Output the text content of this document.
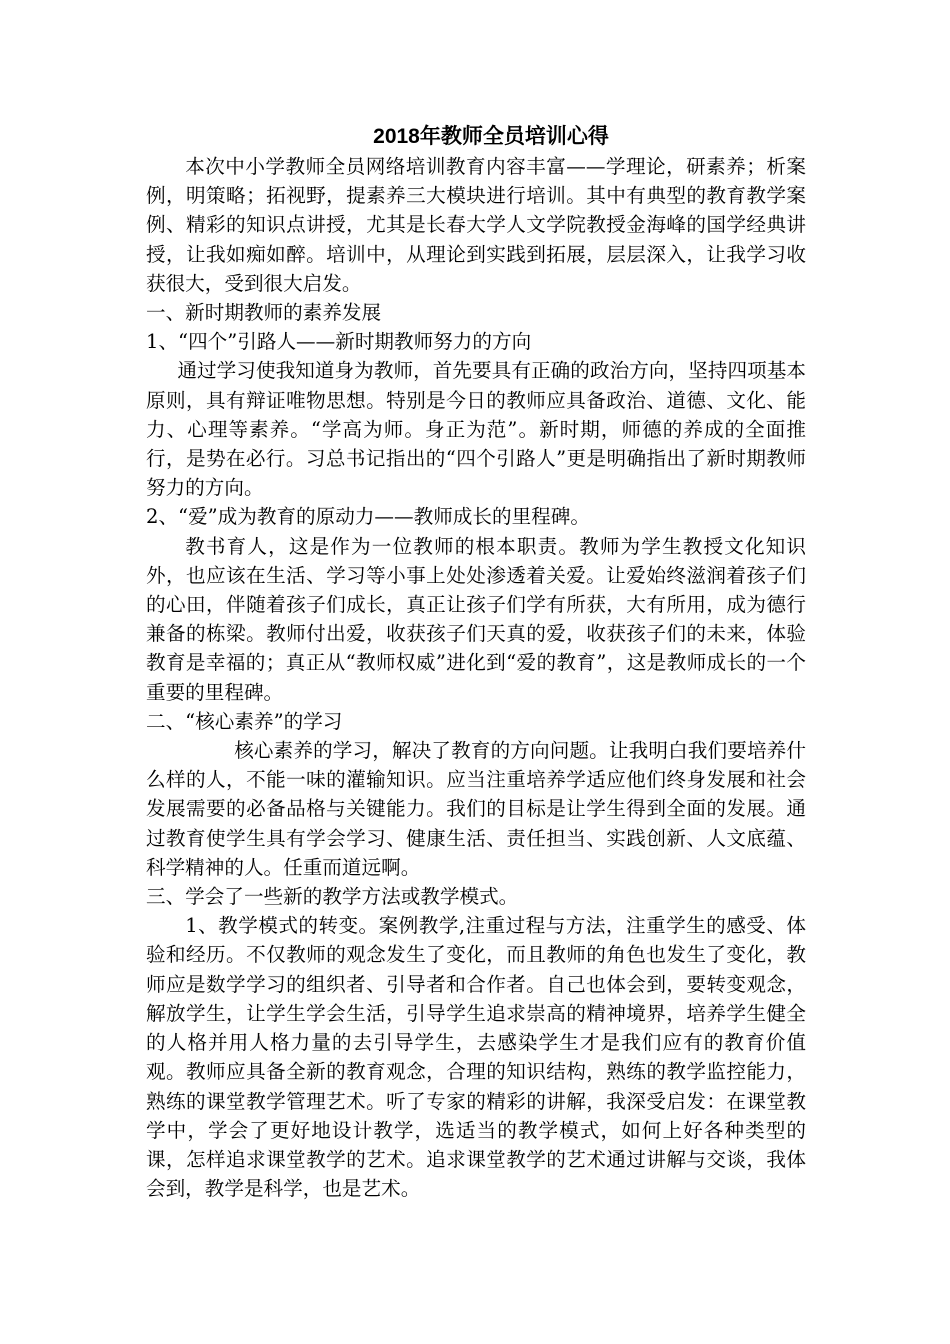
2018年教师全员培训心得

本次中小学教师全员网络培训教育内容丰富——学理论，研素养；析案例，明策略；拓视野，提素养三大模块进行培训。其中有典型的教育教学案例、精彩的知识点讲授，尤其是长春大学人文学院教授金海峰的国学经典讲授，让我如痴如醉。培训中，从理论到实践到拓展，层层深入，让我学习收获很大，受到很大启发。

一、新时期教师的素养发展

1、“四个”引路人——新时期教师努力的方向

通过学习使我知道身为教师，首先要具有正确的政治方向，坚持四项基本原则，具有辩证唯物思想。特别是今日的教师应具备政治、道德、文化、能力、心理等素养。“学高为师。身正为范”。新时期，师德的养成的全面推行，是势在必行。习总书记指出的“四个引路人”更是明确指出了新时期教师努力的方向。

2、“爱”成为教育的原动力——教师成长的里程碑。

教书育人，这是作为一位教师的根本职责。教师为学生教授文化知识外，也应该在生活、学习等小事上处处渗透着关爱。让爱始终滋润着孩子们的心田，伴随着孩子们成长，真正让孩子们学有所获，大有所用，成为德行兼备的栋梁。教师付出爱，收获孩子们天真的爱，收获孩子们的未来，体验教育是幸福的；真正从“教师权威”进化到“爱的教育”，这是教师成长的一个重要的里程碑。

二、“核心素养”的学习

核心素养的学习，解决了教育的方向问题。让我明白我们要培养什么样的人，不能一味的灌输知识。应当注重培养学适应他们终身发展和社会发展需要的必备品格与关键能力。我们的目标是让学生得到全面的发展。通过教育使学生具有学会学习、健康生活、责任担当、实践创新、人文底蕴、科学精神的人。任重而道远啊。

三、学会了一些新的教学方法或教学模式。

1、教学模式的转变。案例教学,注重过程与方法，注重学生的感受、体验和经历。不仅教师的观念发生了变化，而且教师的角色也发生了变化，教师应是数学学习的组织者、引导者和合作者。自己也体会到，要转变观念，解放学生，让学生学会生活，引导学生追求崇高的精神境界，培养学生健全的人格并用人格力量的去引导学生，去感染学生才是我们应有的教育价值观。教师应具备全新的教育观念，合理的知识结构，熟练的教学监控能力，熟练的课堂教学管理艺术。听了专家的精彩的讲解，我深受启发：在课堂教学中，学会了更好地设计教学，选适当的教学模式，如何上好各种类型的课，怎样追求课堂教学的艺术。追求课堂教学的艺术通过讲解与交谈，我体会到，教学是科学，也是艺术。
